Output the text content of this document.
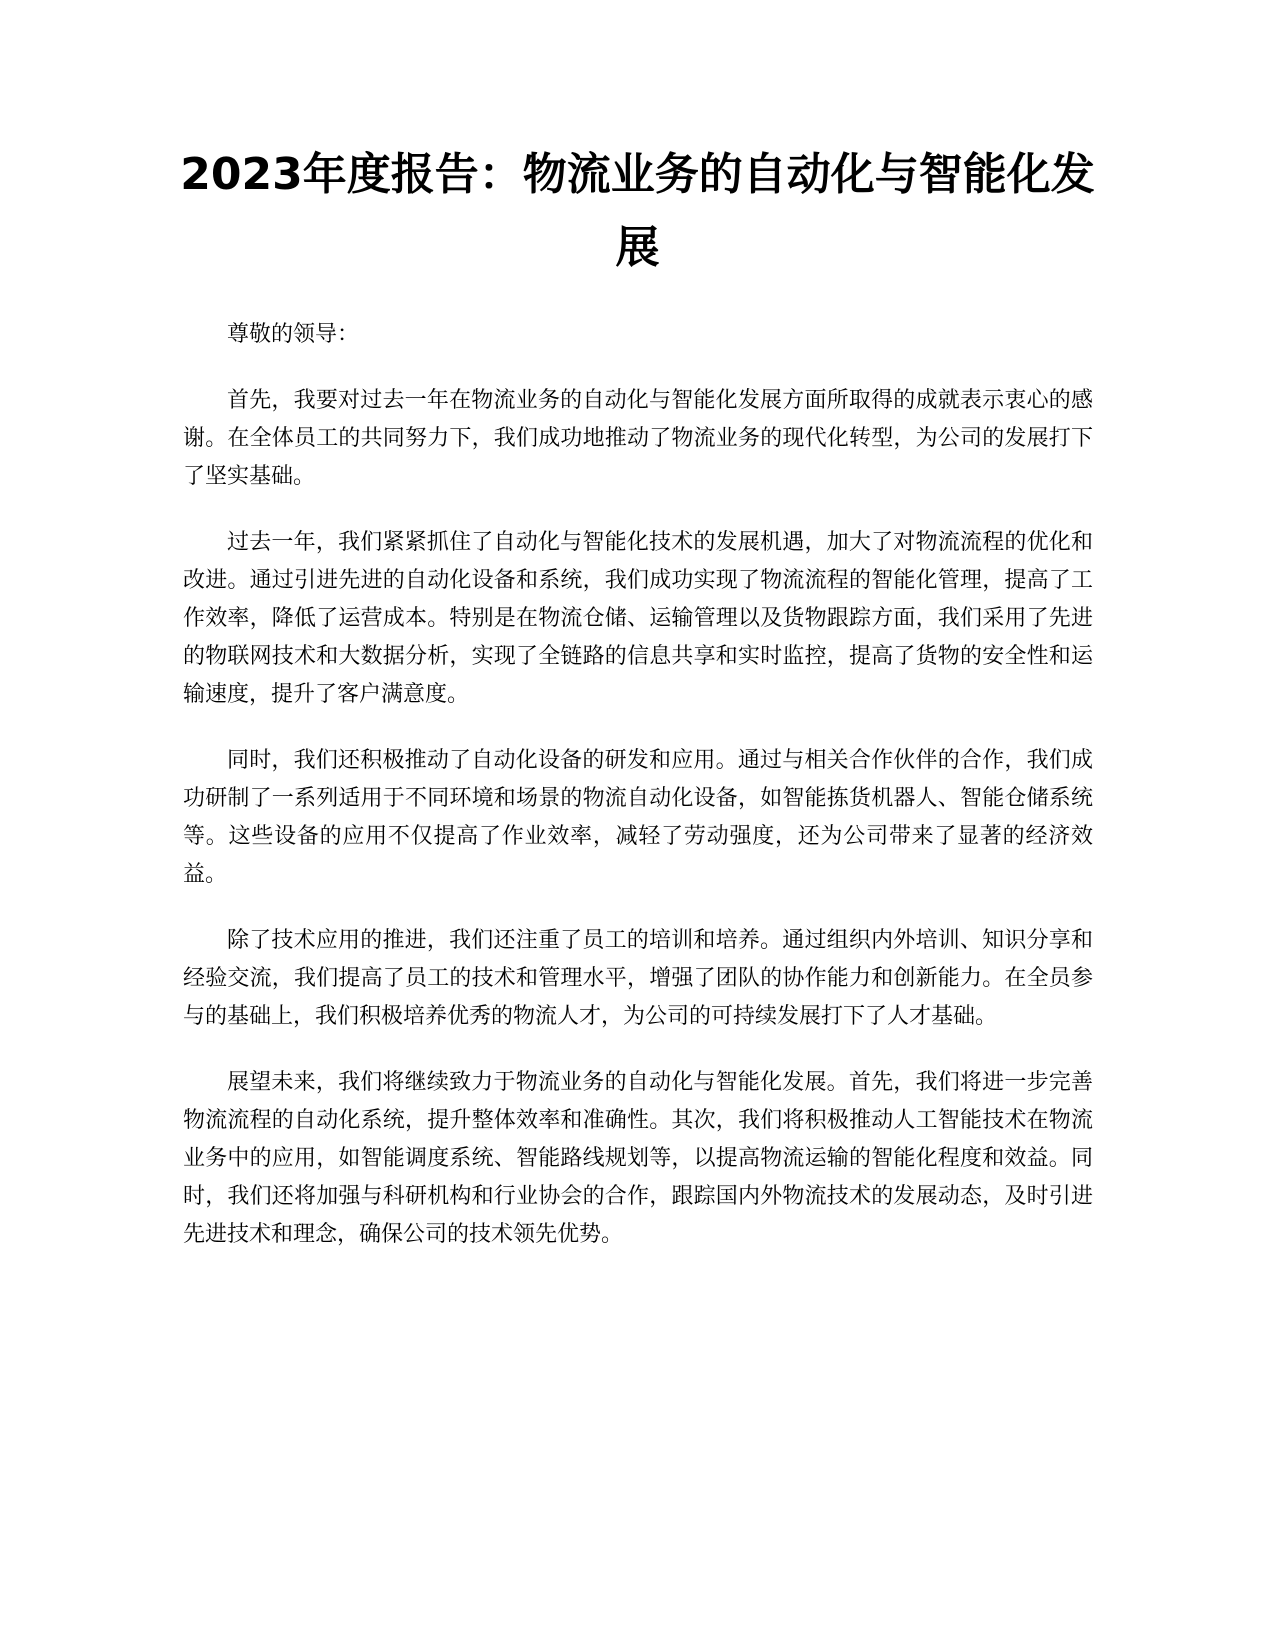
2023年度报告：物流业务的自动化与智能化发展

尊敬的领导：

首先，我要对过去一年在物流业务的自动化与智能化发展方面所取得的成就表示衷心的感谢。在全体员工的共同努力下，我们成功地推动了物流业务的现代化转型，为公司的发展打下了坚实基础。

过去一年，我们紧紧抓住了自动化与智能化技术的发展机遇，加大了对物流流程的优化和改进。通过引进先进的自动化设备和系统，我们成功实现了物流流程的智能化管理，提高了工作效率，降低了运营成本。特别是在物流仓储、运输管理以及货物跟踪方面，我们采用了先进的物联网技术和大数据分析，实现了全链路的信息共享和实时监控，提高了货物的安全性和运输速度，提升了客户满意度。

同时，我们还积极推动了自动化设备的研发和应用。通过与相关合作伙伴的合作，我们成功研制了一系列适用于不同环境和场景的物流自动化设备，如智能拣货机器人、智能仓储系统等。这些设备的应用不仅提高了作业效率，减轻了劳动强度，还为公司带来了显著的经济效益。

除了技术应用的推进，我们还注重了员工的培训和培养。通过组织内外培训、知识分享和经验交流，我们提高了员工的技术和管理水平，增强了团队的协作能力和创新能力。在全员参与的基础上，我们积极培养优秀的物流人才，为公司的可持续发展打下了人才基础。

展望未来，我们将继续致力于物流业务的自动化与智能化发展。首先，我们将进一步完善物流流程的自动化系统，提升整体效率和准确性。其次，我们将积极推动人工智能技术在物流业务中的应用，如智能调度系统、智能路线规划等，以提高物流运输的智能化程度和效益。同时，我们还将加强与科研机构和行业协会的合作，跟踪国内外物流技术的发展动态，及时引进先进技术和理念，确保公司的技术领先优势。
